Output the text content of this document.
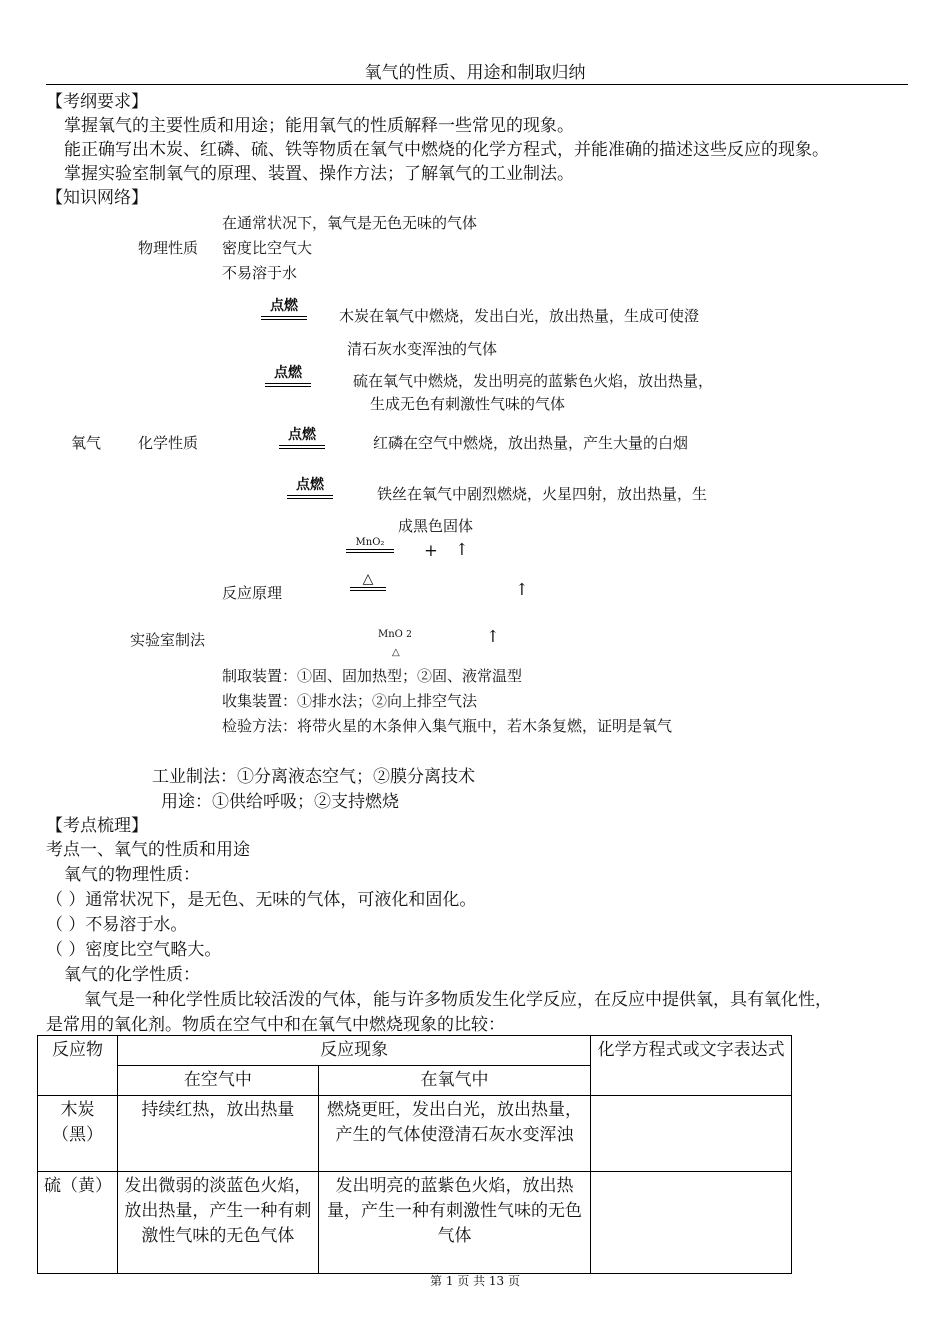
氧气的性质、用途和制取归纳
【考纲要求】
掌握氧气的主要性质和用途；能用氧气的性质解释一些常见的现象。
能正确写出木炭、红磷、硫、铁等物质在氧气中燃烧的化学方程式，并能准确的描述这些反应的现象。
掌握实验室制氧气的原理、装置、操作方法；了解氧气的工业制法。
【知识网络】
物理性质
在通常状况下，氧气是无色无味的气体
密度比空气大
不易溶于水
氧气 化学性质
点燃
木炭在氧气中燃烧，发出白光，放出热量，生成可使澄
清石灰水变浑浊的气体
点燃	硫在氧气中燃烧，发出明亮的蓝紫色火焰，放出热量，
生成无色有刺激性气味的气体
点燃	红磷在空气中燃烧，放出热量，产生大量的白烟
点燃	铁丝在氧气中剧烈燃烧，火星四射，放出热量，生
成黑色固体
MnO₂	+ ↑
反应原理
△
↑
实验室制法	MnO 2
△
↑
制取装置：①固、固加热型；②固、液常温型
收集装置：①排水法；②向上排空气法
检验方法：将带火星的木条伸入集气瓶中，若木条复燃，证明是氧气
工业制法：①分离液态空气；②膜分离技术
用途：①供给呼吸；②支持燃烧
【考点梳理】
考点一、氧气的性质和用途
氧气的物理性质：
（ ）通常状况下，是无色、无味的气体，可液化和固化。
（ ）不易溶于水。
（ ）密度比空气略大。
氧气的化学性质：
氧气是一种化学性质比较活泼的气体，能与许多物质发生化学反应，在反应中提供氧，具有氧化性，
是常用的氧化剂。物质在空气中和在氧气中燃烧现象的比较：
反应物	反应现象		化学方程式或文字表达式
	在空气中	在氧气中	
木炭（黑）	持续红热，放出热量	燃烧更旺，发出白光，放出热量，产生的气体使澄清石灰水变浑浊	
硫（黄）	发出微弱的淡蓝色火焰，放出热量，产生一种有刺激性气味的无色气体	发出明亮的蓝紫色火焰，放出热量，产生一种有刺激性气味的无色气体	
第 1 页 共 13 页
